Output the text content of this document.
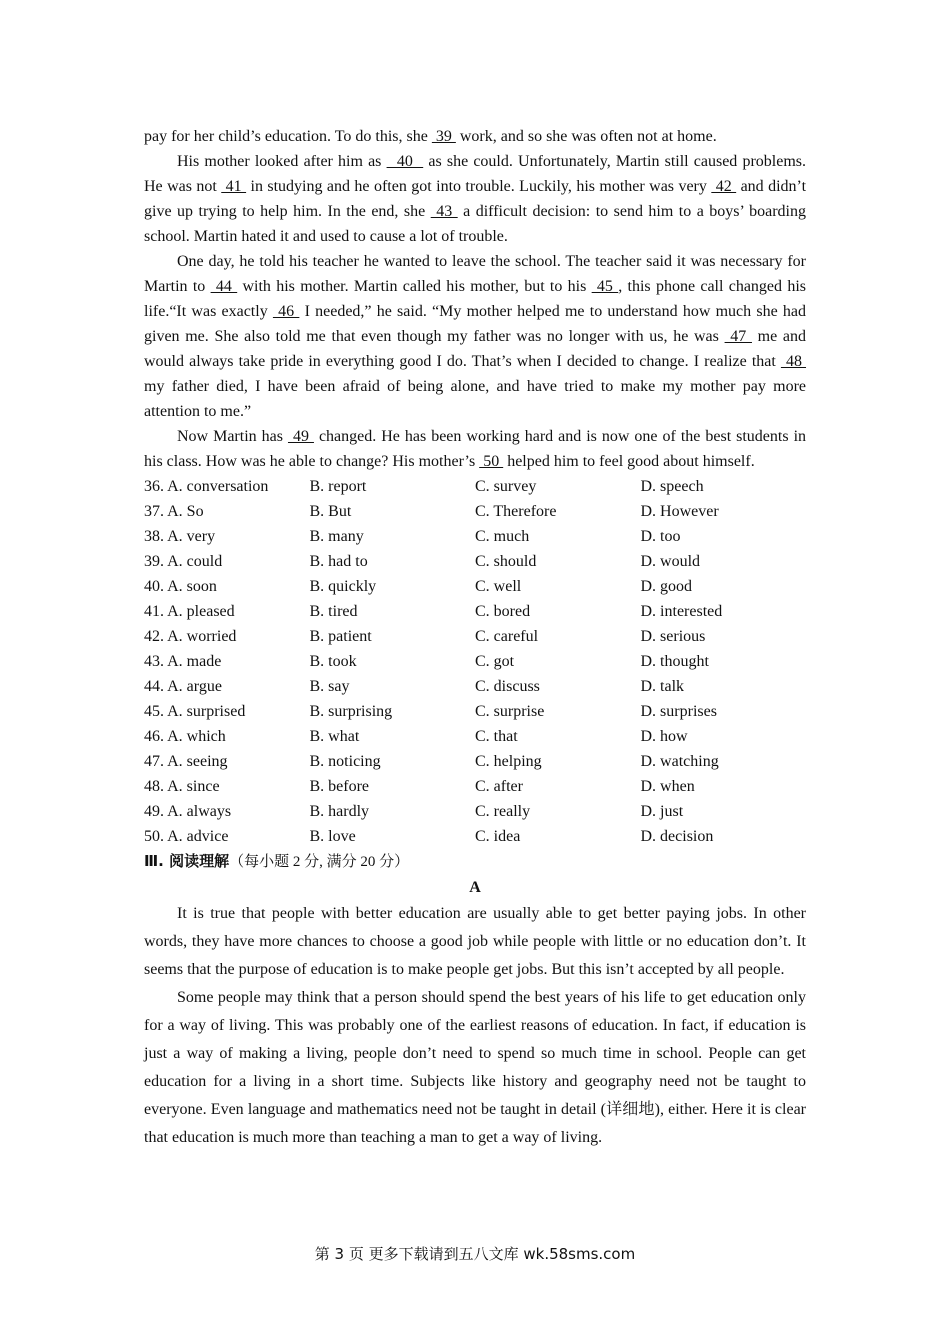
pay for her child’s education. To do this, she  39  work, and so she was often not at home.

His mother looked after him as   40   as she could. Unfortunately, Martin still caused problems. He was not  41  in studying and he often got into trouble. Luckily, his mother was very  42  and didn’t give up trying to help him. In the end, she  43  a difficult decision: to send him to a boys’ boarding school. Martin hated it and used to cause a lot of trouble.

One day, he told his teacher he wanted to leave the school. The teacher said it was necessary for Martin to  44  with his mother. Martin called his mother, but to his  45 , this phone call changed his life.“It was exactly  46  I needed,” he said. “My mother helped me to understand how much she had given me. She also told me that even though my father was no longer with us, he was  47  me and would always take pride in everything good I do. That’s when I decided to change. I realize that  48  my father died, I have been afraid of being alone, and have tried to make my mother pay more attention to me.”

Now Martin has  49  changed. He has been working hard and is now one of the best students in his class. How was he able to change? His mother’s  50  helped him to feel good about himself.

36. A. conversation	B. report	C. survey	D. speech
37. A. So	B. But	C. Therefore	D. However
38. A. very	B. many	C. much	D. too
39. A. could	B. had to	C. should	D. would
40. A. soon	B. quickly	C. well	D. good
41. A. pleased	B. tired	C. bored	D. interested
42. A. worried	B. patient	C. careful	D. serious
43. A. made	B. took	C. got	D. thought
44. A. argue	B. say	C. discuss	D. talk
45. A. surprised	B. surprising	C. surprise	D. surprises
46. A. which	B. what	C. that	D. how
47. A. seeing	B. noticing	C. helping	D. watching
48. A. since	B. before	C. after	D. when
49. A. always	B. hardly	C. really	D. just
50. A. advice	B. love	C. idea	D. decision

Ⅲ. 阅读理解（每小题 2 分, 满分 20 分）

A

It is true that people with better education are usually able to get better paying jobs. In other words, they have more chances to choose a good job while people with little or no education don’t. It seems that the purpose of education is to make people get jobs. But this isn’t accepted by all people.

Some people may think that a person should spend the best years of his life to get education only for a way of living. This was probably one of the earliest reasons of education. In fact, if education is just a way of making a living, people don’t need to spend so much time in school. People can get education for a living in a short time. Subjects like history and geography need not be taught to everyone. Even language and mathematics need not be taught in detail (详细地), either. Here it is clear that education is much more than teaching a man to get a way of living.

第 3 页 更多下载请到五八文库 wk.58sms.com
